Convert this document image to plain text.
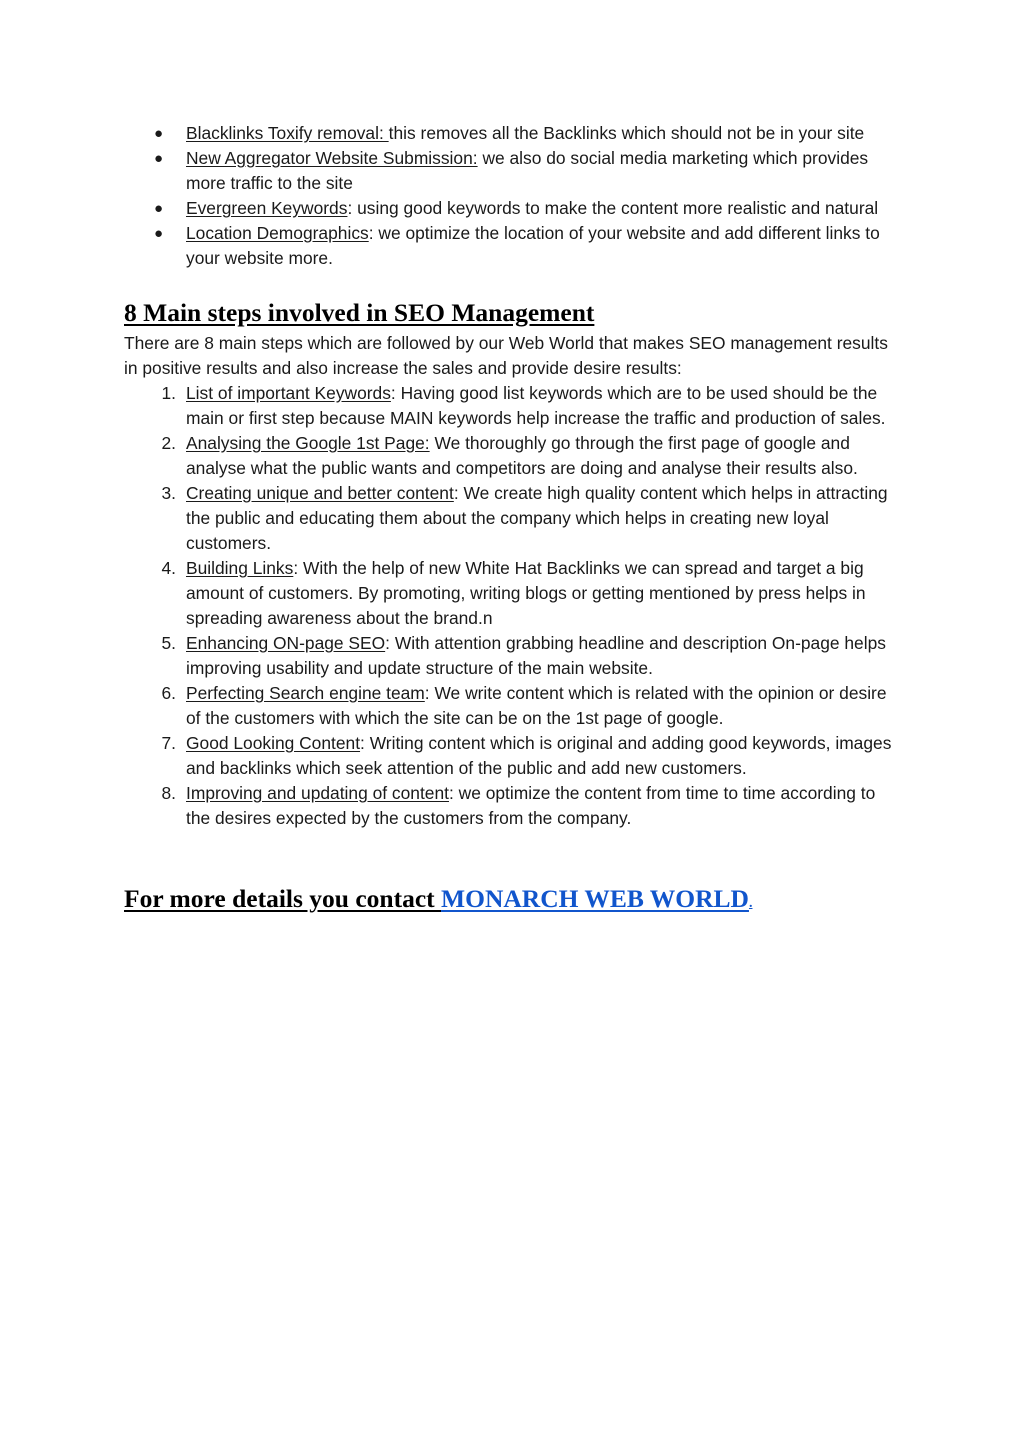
● Blacklinks Toxify removal: this removes all the Backlinks which should not be in your site
● New Aggregator Website Submission: we also do social media marketing which provides more traffic to the site
● Evergreen Keywords: using good keywords to make the content more realistic and natural
● Location Demographics: we optimize the location of your website and add different links to your website more.
8 Main steps involved in SEO Management

There are 8 main steps which are followed by our Web World that makes SEO management results in positive results and also increase the sales and provide desire results:

1. List of important Keywords: Having good list keywords which are to be used should be the main or first step because MAIN keywords help increase the traffic and production of sales.
2. Analysing the Google 1st Page: We thoroughly go through the first page of google and analyse what the public wants and competitors are doing and analyse their results also.
3. Creating unique and better content: We create high quality content which helps in attracting the public and educating them about the company which helps in creating new loyal customers.
4. Building Links: With the help of new White Hat Backlinks we can spread and target a big amount of customers. By promoting, writing blogs or getting mentioned by press helps in spreading awareness about the brand.n
5. Enhancing ON-page SEO: With attention grabbing headline and description On-page helps improving usability and update structure of the main website.
6. Perfecting Search engine team: We write content which is related with the opinion or desire of the customers with which the site can be on the 1st page of google.
7. Good Looking Content: Writing content which is original and adding good keywords, images and backlinks which seek attention of the public and add new customers.
8. Improving and updating of content: we optimize the content from time to time according to the desires expected by the customers from the company.
For more details you contact MONARCH WEB WORLD.
